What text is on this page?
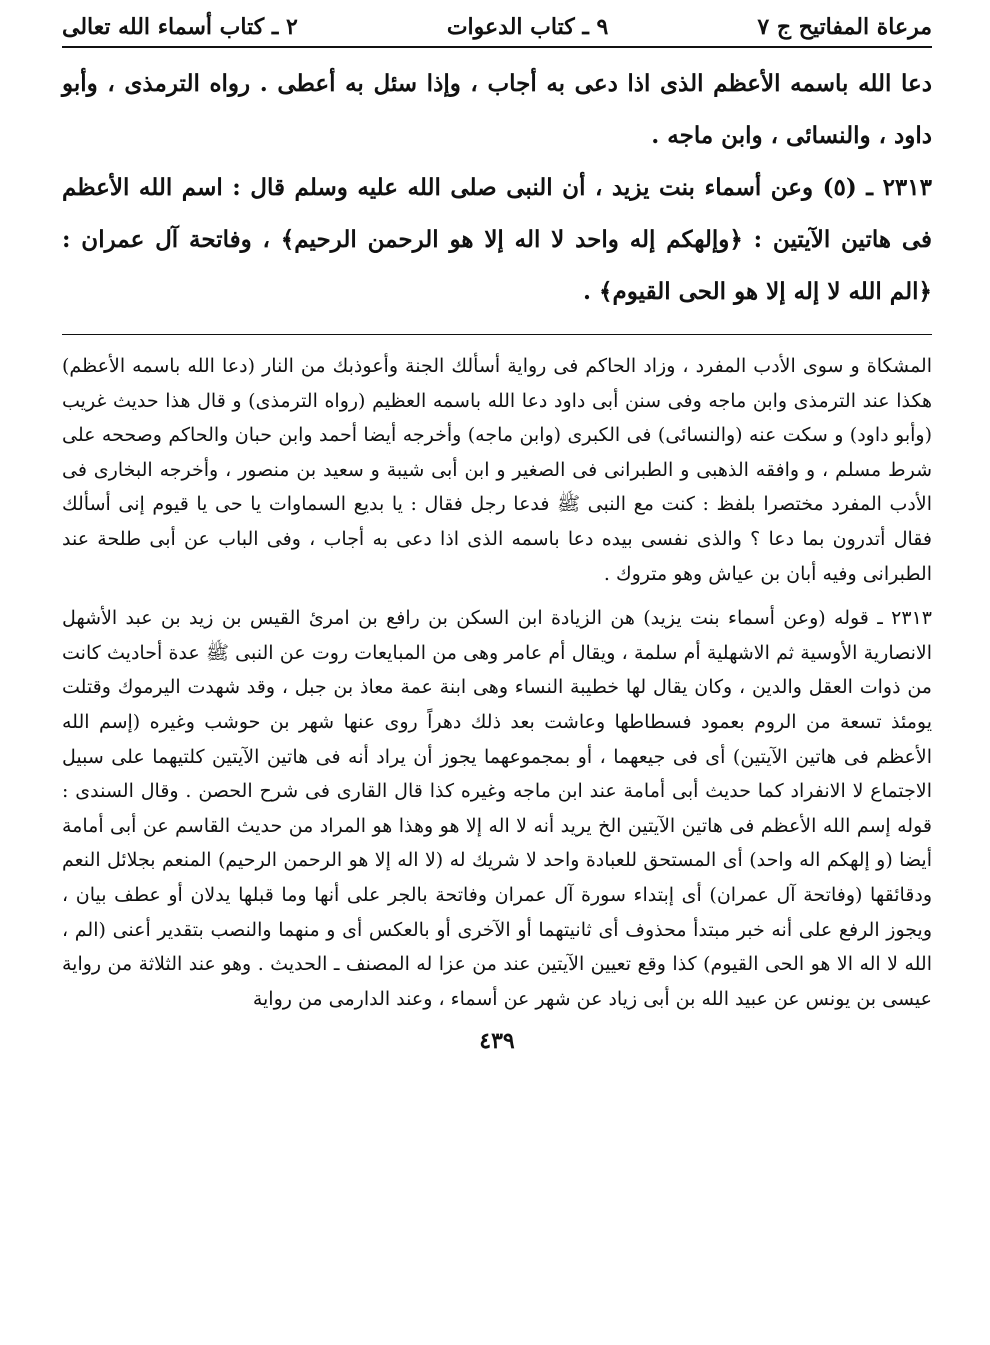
مرعاة المفاتيح ج ٧
٩ ـ كتاب الدعوات
٢ ـ كتاب أسماء الله تعالى

دعا الله باسمه الأعظم الذى اذا دعى به أجاب ، وإذا سئل به أعطى . رواه الترمذى ، وأبو داود ، والنسائى ، وابن ماجه .

٢٣١٣ ـ (٥) وعن أسماء بنت يزيد ، أن النبى صلى الله عليه وسلم قال : اسم الله الأعظم فى هاتين الآيتين : ﴿وإلهكم إله واحد لا اله إلا هو الرحمن الرحيم﴾ ، وفاتحة آل عمران : ﴿الم الله لا إله إلا هو الحى القيوم﴾ .

المشكاة و سوى الأدب المفرد ، وزاد الحاكم فى رواية أسألك الجنة وأعوذبك من النار (دعا الله باسمه الأعظم) هكذا عند الترمذى وابن ماجه وفى سنن أبى داود دعا الله باسمه العظيم (رواه الترمذى) و قال هذا حديث غريب (وأبو داود) و سكت عنه (والنسائى) فى الكبرى (وابن ماجه) وأخرجه أيضا أحمد وابن حبان والحاكم وصححه على شرط مسلم ، و وافقه الذهبى و الطبرانى فى الصغير و ابن أبى شيبة و سعيد بن منصور ، وأخرجه البخارى فى الأدب المفرد مختصرا بلفظ : كنت مع النبى ﷺ فدعا رجل فقال : يا بديع السماوات يا حى يا قيوم إنى أسألك فقال أتدرون بما دعا ؟ والذى نفسى بيده دعا باسمه الذى اذا دعى به أجاب ، وفى الباب عن أبى طلحة عند الطبرانى وفيه أبان بن عياش وهو متروك .

٢٣١٣ ـ قوله (وعن أسماء بنت يزيد) هن الزيادة ابن السكن بن رافع بن امرئ القيس بن زيد بن عبد الأشهل الانصارية الأوسية ثم الاشهلية أم سلمة ، ويقال أم عامر وهى من المبايعات روت عن النبى ﷺ عدة أحاديث كانت من ذوات العقل والدين ، وكان يقال لها خطيبة النساء وهى ابنة عمة معاذ بن جبل ، وقد شهدت اليرموك وقتلت يومئذ تسعة من الروم بعمود فسطاطها وعاشت بعد ذلك دهراً روى عنها شهر بن حوشب وغيره (إسم الله الأعظم فى هاتين الآيتين) أى فى جيعهما ، أو بمجموعهما يجوز أن يراد أنه فى هاتين الآيتين كلتيهما على سبيل الاجتماع لا الانفراد كما حديث أبى أمامة عند ابن ماجه وغيره كذا قال القارى فى شرح الحصن . وقال السندى : قوله إسم الله الأعظم فى هاتين الآيتين الخ يريد أنه لا اله إلا هو وهذا هو المراد من حديث القاسم عن أبى أمامة أيضا (و إلهكم اله واحد) أى المستحق للعبادة واحد لا شريك له (لا اله إلا هو الرحمن الرحيم) المنعم بجلائل النعم ودقائقها (وفاتحة آل عمران) أى إبتداء سورة آل عمران وفاتحة بالجر على أنها وما قبلها يدلان أو عطف بيان ، ويجوز الرفع على أنه خبر مبتدأ محذوف أى ثانيتهما أو الآخرى أو بالعكس أى و منهما والنصب بتقدير أعنى (الم ، الله لا اله الا هو الحى القيوم) كذا وقع تعيين الآيتين عند من عزا له المصنف ـ الحديث . وهو عند الثلاثة من رواية عيسى بن يونس عن عبيد الله بن أبى زياد عن شهر عن أسماء ، وعند الدارمى من رواية

٤٣٩
